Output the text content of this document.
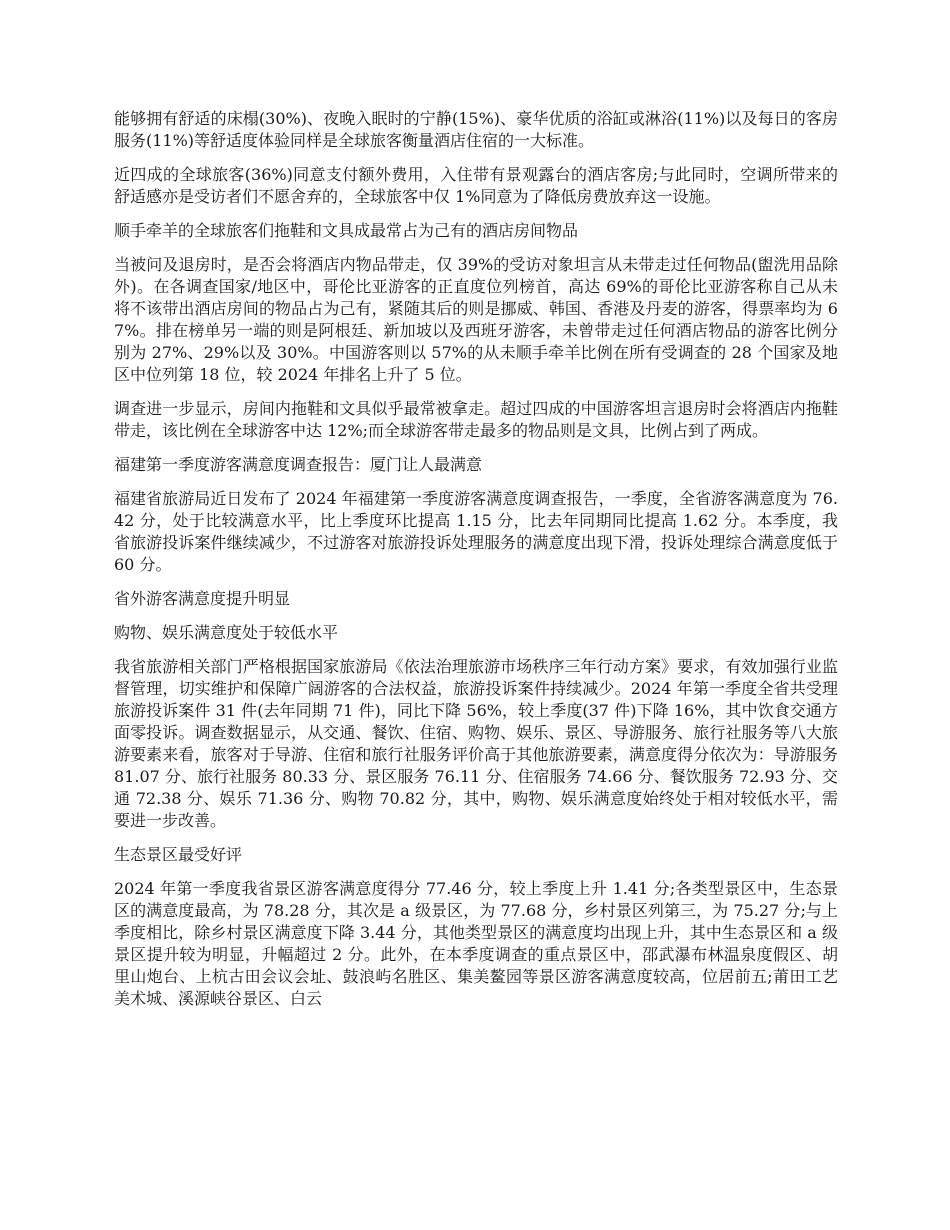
能够拥有舒适的床榻(30%)、夜晚入眠时的宁静(15%)、豪华优质的浴缸或淋浴(11%)以及每日的客房服务(11%)等舒适度体验同样是全球旅客衡量酒店住宿的一大标准。

近四成的全球旅客(36%)同意支付额外费用，入住带有景观露台的酒店客房;与此同时，空调所带来的舒适感亦是受访者们不愿舍弃的，全球旅客中仅 1%同意为了降低房费放弃这一设施。

顺手牵羊的全球旅客们拖鞋和文具成最常占为己有的酒店房间物品

当被问及退房时，是否会将酒店内物品带走，仅 39%的受访对象坦言从未带走过任何物品(盥洗用品除外)。在各调查国家/地区中，哥伦比亚游客的正直度位列榜首，高达 69%的哥伦比亚游客称自己从未将不该带出酒店房间的物品占为己有，紧随其后的则是挪威、韩国、香港及丹麦的游客，得票率均为 67%。排在榜单另一端的则是阿根廷、新加坡以及西班牙游客，未曾带走过任何酒店物品的游客比例分别为 27%、29%以及 30%。中国游客则以 57%的从未顺手牵羊比例在所有受调查的 28 个国家及地区中位列第 18 位，较 2024 年排名上升了 5 位。

调查进一步显示，房间内拖鞋和文具似乎最常被拿走。超过四成的中国游客坦言退房时会将酒店内拖鞋带走，该比例在全球游客中达 12%;而全球游客带走最多的物品则是文具，比例占到了两成。

福建第一季度游客满意度调查报告：厦门让人最满意

福建省旅游局近日发布了 2024 年福建第一季度游客满意度调查报告，一季度，全省游客满意度为 76.42 分，处于比较满意水平，比上季度环比提高 1.15 分，比去年同期同比提高 1.62 分。本季度，我省旅游投诉案件继续减少，不过游客对旅游投诉处理服务的满意度出现下滑，投诉处理综合满意度低于 60 分。

省外游客满意度提升明显

购物、娱乐满意度处于较低水平

我省旅游相关部门严格根据国家旅游局《依法治理旅游市场秩序三年行动方案》要求，有效加强行业监督管理，切实维护和保障广阔游客的合法权益，旅游投诉案件持续减少。2024 年第一季度全省共受理旅游投诉案件 31 件(去年同期 71 件)，同比下降 56%，较上季度(37 件)下降 16%，其中饮食交通方面零投诉。调查数据显示，从交通、餐饮、住宿、购物、娱乐、景区、导游服务、旅行社服务等八大旅游要素来看，旅客对于导游、住宿和旅行社服务评价高于其他旅游要素，满意度得分依次为：导游服务 81.07 分、旅行社服务 80.33 分、景区服务 76.11 分、住宿服务 74.66 分、餐饮服务 72.93 分、交通 72.38 分、娱乐 71.36 分、购物 70.82 分，其中，购物、娱乐满意度始终处于相对较低水平，需要进一步改善。

生态景区最受好评

2024 年第一季度我省景区游客满意度得分 77.46 分，较上季度上升 1.41 分;各类型景区中，生态景区的满意度最高，为 78.28 分，其次是 a 级景区，为 77.68 分，乡村景区列第三，为 75.27 分;与上季度相比，除乡村景区满意度下降 3.44 分，其他类型景区的满意度均出现上升，其中生态景区和 a 级景区提升较为明显，升幅超过 2 分。此外，在本季度调查的重点景区中，邵武瀑布林温泉度假区、胡里山炮台、上杭古田会议会址、鼓浪屿名胜区、集美鳌园等景区游客满意度较高，位居前五;莆田工艺美术城、溪源峡谷景区、白云
